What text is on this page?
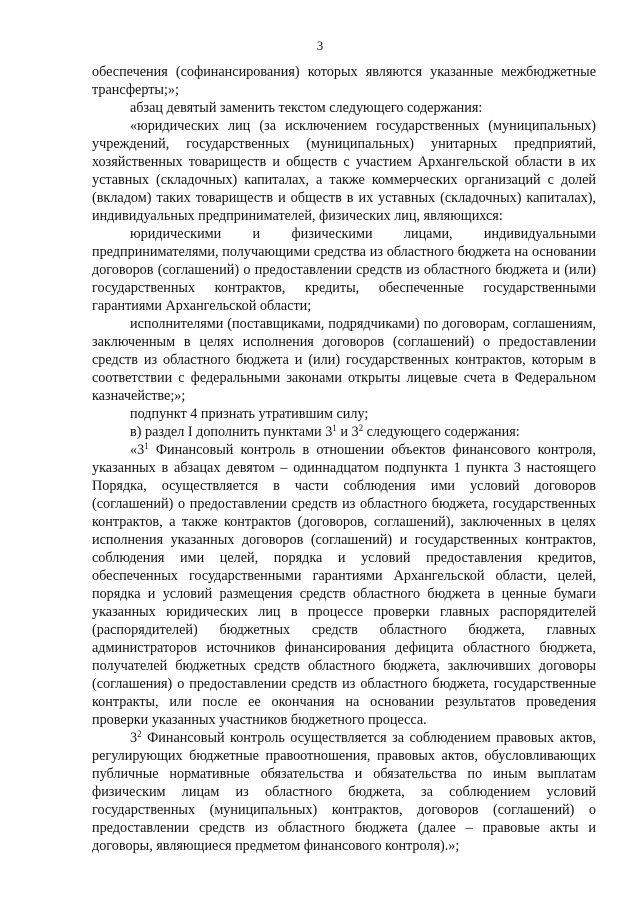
3

обеспечения (софинансирования) которых являются указанные межбюджетные трансферты;»;

абзац девятый заменить текстом следующего содержания:

«юридических лиц (за исключением государственных (муниципальных) учреждений, государственных (муниципальных) унитарных предприятий, хозяйственных товариществ и обществ с участием Архангельской области в их уставных (складочных) капиталах, а также коммерческих организаций с долей (вкладом) таких товариществ и обществ в их уставных (складочных) капиталах), индивидуальных предпринимателей, физических лиц, являющихся:

юридическими и физическими лицами, индивидуальными предпринимателями, получающими средства из областного бюджета на основании договоров (соглашений) о предоставлении средств из областного бюджета и (или) государственных контрактов, кредиты, обеспеченные государственными гарантиями Архангельской области;

исполнителями (поставщиками, подрядчиками) по договорам, соглашениям, заключенным в целях исполнения договоров (соглашений) о предоставлении средств из областного бюджета и (или) государственных контрактов, которым в соответствии с федеральными законами открыты лицевые счета в Федеральном казначействе;»;

подпункт 4 признать утратившим силу;

в) раздел I дополнить пунктами $3^1$ и $3^2$ следующего содержания:

«$3^1$ Финансовый контроль в отношении объектов финансового контроля, указанных в абзацах девятом – одиннадцатом подпункта 1 пункта 3 настоящего Порядка, осуществляется в части соблюдения ими условий договоров (соглашений) о предоставлении средств из областного бюджета, государственных контрактов, а также контрактов (договоров, соглашений), заключенных в целях исполнения указанных договоров (соглашений) и государственных контрактов, соблюдения ими целей, порядка и условий предоставления кредитов, обеспеченных государственными гарантиями Архангельской области, целей, порядка и условий размещения средств областного бюджета в ценные бумаги указанных юридических лиц в процессе проверки главных распорядителей (распорядителей) бюджетных средств областного бюджета, главных администраторов источников финансирования дефицита областного бюджета, получателей бюджетных средств областного бюджета, заключивших договоры (соглашения) о предоставлении средств из областного бюджета, государственные контракты, или после ее окончания на основании результатов проведения проверки указанных участников бюджетного процесса.

$3^2$ Финансовый контроль осуществляется за соблюдением правовых актов, регулирующих бюджетные правоотношения, правовых актов, обусловливающих публичные нормативные обязательства и обязательства по иным выплатам физическим лицам из областного бюджета, за соблюдением условий государственных (муниципальных) контрактов, договоров (соглашений) о предоставлении средств из областного бюджета (далее – правовые акты и договоры, являющиеся предметом финансового контроля).»;
